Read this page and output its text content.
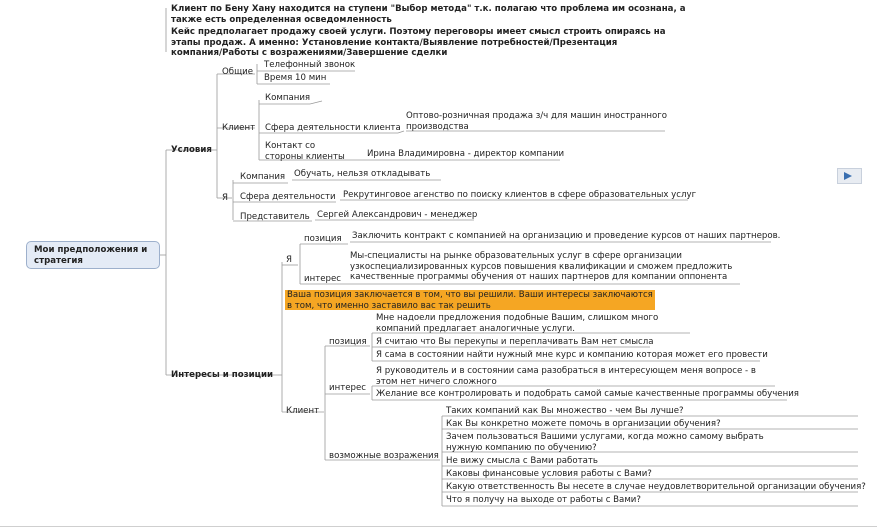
Мои предположения и стратегия
Клиент по Бену Хану находится на ступени "Выбор метода" т.к. полагаю что проблема им осознана, а также есть определенная осведомленность
Кейс предполагает продажу своей услуги. Поэтому переговоры имеет смысл строить опираясь на этапы продаж. А именно: Установление контакта/Выявление потребностей/Презентация компания/Работы с возражениями/Завершение сделки
Условия
Общие
Телефонный звонок
Время 10 мин
Клиент
Компания
Сфера деятельности клиента
Оптово-розничная продажа з/ч для машин иностранного производства
Контакт со стороны клиенты	Ирина Владимировна - директор компании
Я
Компания Обучать, нельзя откладывать
Сфера деятельности Рекрутинговое агенство по поиску клиентов в сфере образовательных услуг
Представитель Сергей Александрович - менеджер
Интересы и позиции
Я
позиция Заключить контракт с компанией на организацию и проведение курсов от наших партнеров.
интерес
Мы-специалисты на рынке образовательных услуг в сфере организации узкоспециализированных курсов повышения квалификации и сможем предложить качественные программы обучения от наших партнеров для компании оппонента
Ваша позиция заключается в том, что вы решили. Ваши интересы заключаются в том, что именно заставило вас так решить
Клиент
позиция
Мне надоели предложения подобные Вашим, слишком много компаний предлагает аналогичные услуги.
Я считаю что Вы перекупы и переплачивать Вам нет смысла
Я сама в состоянии найти нужный мне курс и компанию которая может его провести
интерес
Я руководитель и в состоянии сама разобраться в интересующем меня вопросе - в этом нет ничего сложного
Желание все контролировать и подобрать самой самые качественные программы обучения
возможные возражения
Таких компаний как Вы множество - чем Вы лучше?
Как Вы конкретно можете помочь в организации обучения?
Зачем пользоваться Вашими услугами, когда можно самому выбрать нужную компанию по обучению?
Не вижу смысла с Вами работать
Каковы финансовые условия работы с Вами?
Какую ответственность Вы несете в случае неудовлетворительной организации обучения?
Что я получу на выходе от работы с Вами?
